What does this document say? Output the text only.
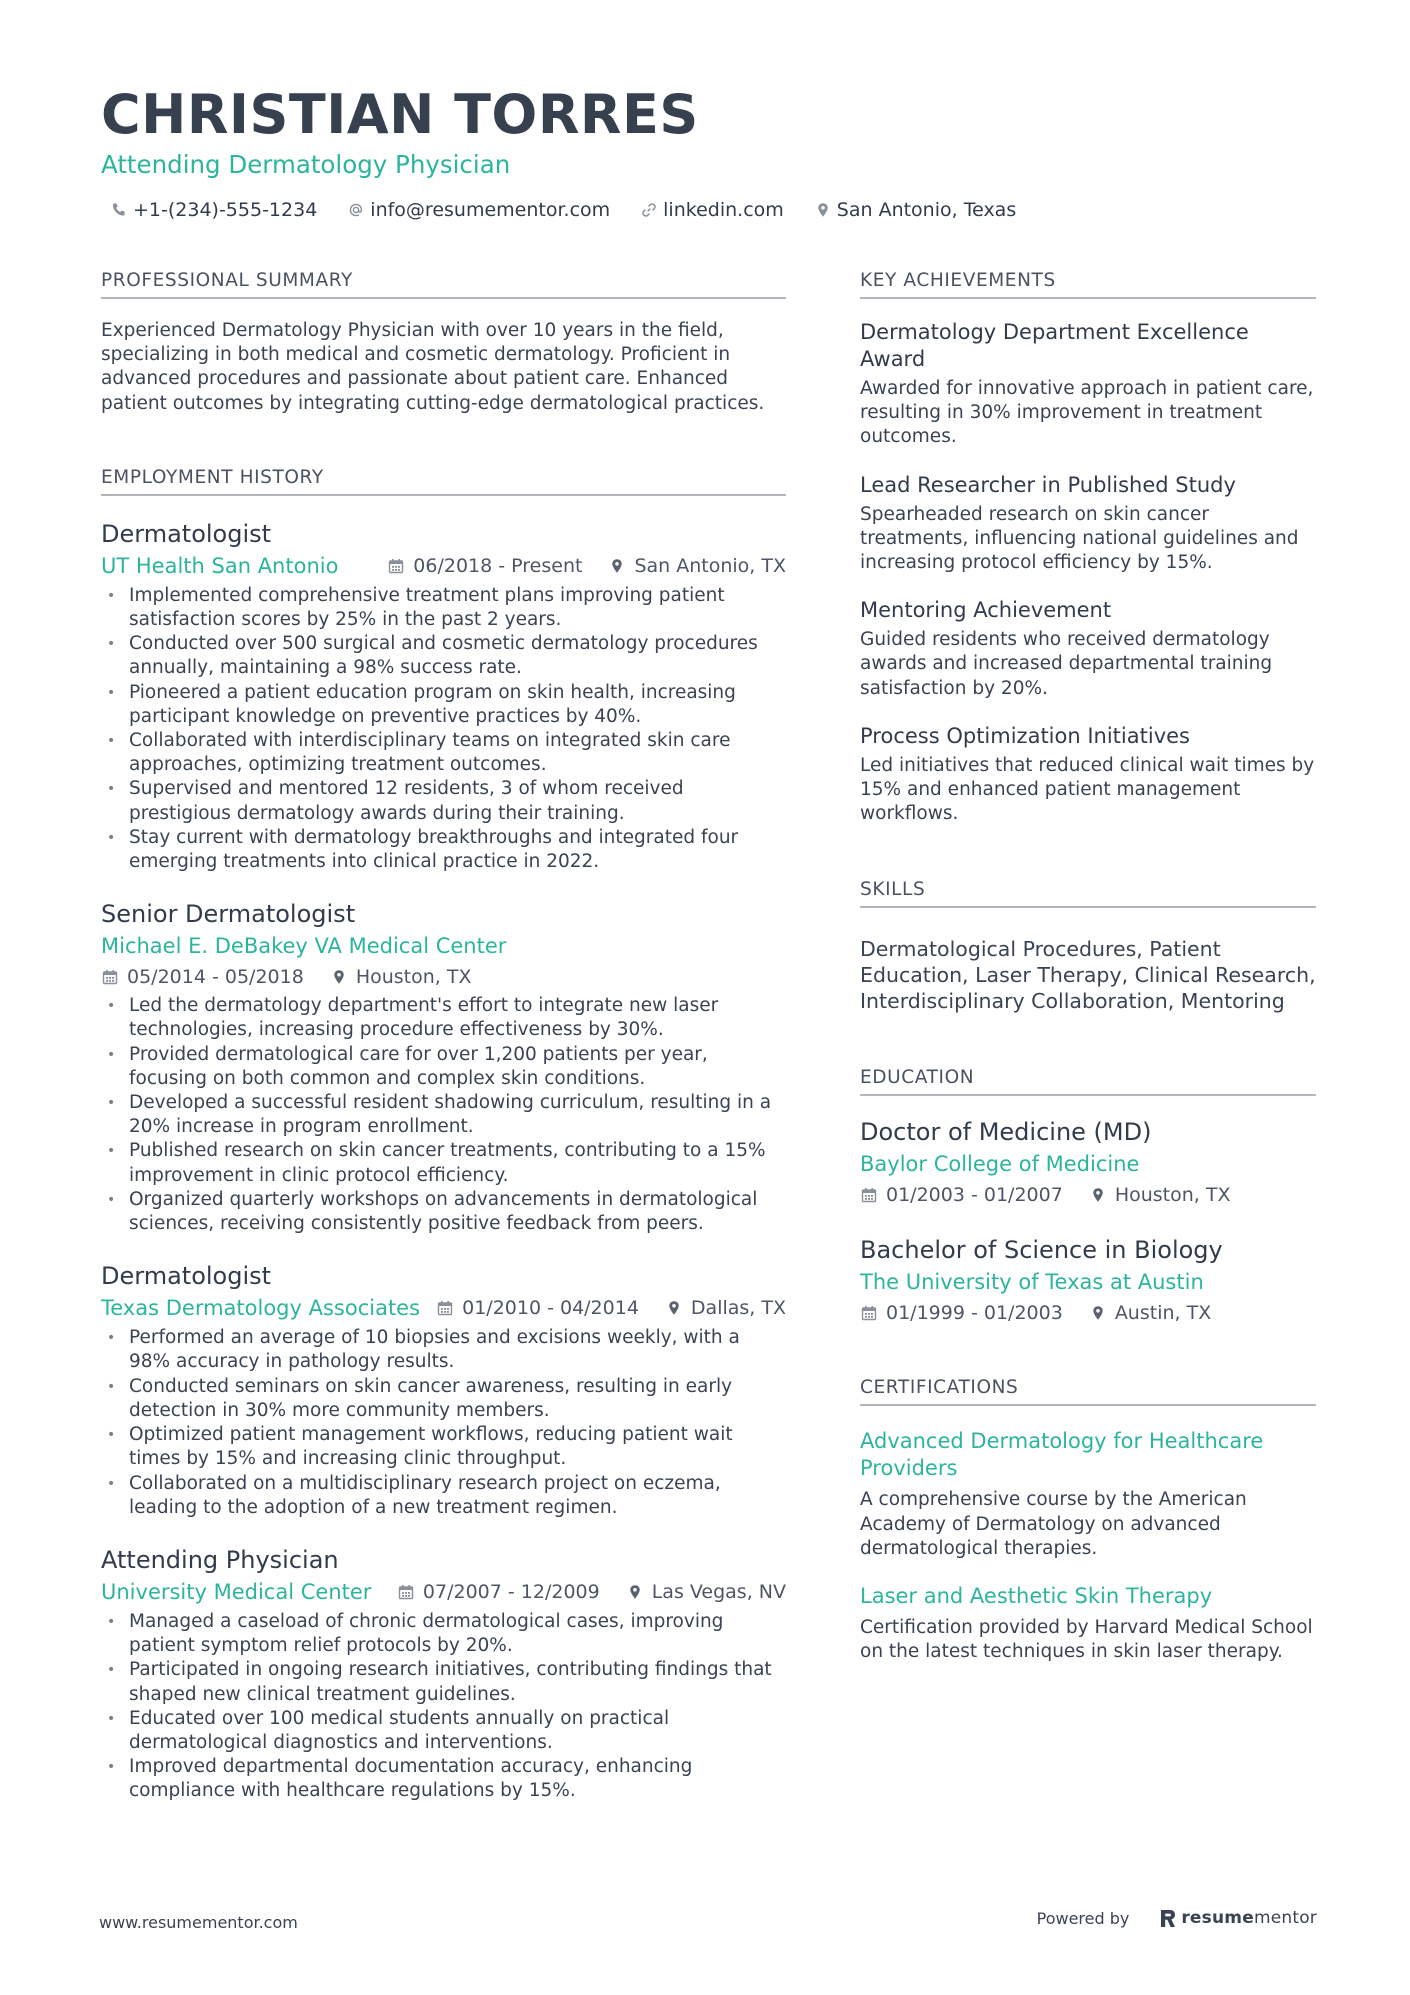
CHRISTIAN TORRES
Attending Dermatology Physician
+1-(234)-555-1234	info@resumementor.com	linkedin.com	San Antonio, Texas
PROFESSIONAL SUMMARY
Experienced Dermatology Physician with over 10 years in the field, specializing in both medical and cosmetic dermatology. Proficient in advanced procedures and passionate about patient care. Enhanced patient outcomes by integrating cutting-edge dermatological practices.
EMPLOYMENT HISTORY
Dermatologist
UT Health San Antonio	06/2018 - Present	San Antonio, TX
• Implemented comprehensive treatment plans improving patient satisfaction scores by 25% in the past 2 years.
• Conducted over 500 surgical and cosmetic dermatology procedures annually, maintaining a 98% success rate.
• Pioneered a patient education program on skin health, increasing participant knowledge on preventive practices by 40%.
• Collaborated with interdisciplinary teams on integrated skin care approaches, optimizing treatment outcomes.
• Supervised and mentored 12 residents, 3 of whom received prestigious dermatology awards during their training.
• Stay current with dermatology breakthroughs and integrated four emerging treatments into clinical practice in 2022.
Senior Dermatologist
Michael E. DeBakey VA Medical Center
05/2014 - 05/2018	Houston, TX
• Led the dermatology department's effort to integrate new laser technologies, increasing procedure effectiveness by 30%.
• Provided dermatological care for over 1,200 patients per year, focusing on both common and complex skin conditions.
• Developed a successful resident shadowing curriculum, resulting in a 20% increase in program enrollment.
• Published research on skin cancer treatments, contributing to a 15% improvement in clinic protocol efficiency.
• Organized quarterly workshops on advancements in dermatological sciences, receiving consistently positive feedback from peers.
Dermatologist
Texas Dermatology Associates 01/2010 - 04/2014	Dallas, TX
• Performed an average of 10 biopsies and excisions weekly, with a 98% accuracy in pathology results.
• Conducted seminars on skin cancer awareness, resulting in early detection in 30% more community members.
• Optimized patient management workflows, reducing patient wait times by 15% and increasing clinic throughput.
• Collaborated on a multidisciplinary research project on eczema, leading to the adoption of a new treatment regimen.
Attending Physician
University Medical Center	07/2007 - 12/2009	Las Vegas, NV
• Managed a caseload of chronic dermatological cases, improving patient symptom relief protocols by 20%.
• Participated in ongoing research initiatives, contributing findings that shaped new clinical treatment guidelines.
• Educated over 100 medical students annually on practical dermatological diagnostics and interventions.
• Improved departmental documentation accuracy, enhancing compliance with healthcare regulations by 15%.
KEY ACHIEVEMENTS
Dermatology Department Excellence Award
Awarded for innovative approach in patient care, resulting in 30% improvement in treatment outcomes.
Lead Researcher in Published Study
Spearheaded research on skin cancer treatments, influencing national guidelines and increasing protocol efficiency by 15%.
Mentoring Achievement
Guided residents who received dermatology awards and increased departmental training satisfaction by 20%.
Process Optimization Initiatives
Led initiatives that reduced clinical wait times by 15% and enhanced patient management workflows.
SKILLS
Dermatological Procedures, Patient Education, Laser Therapy, Clinical Research, Interdisciplinary Collaboration, Mentoring
EDUCATION
Doctor of Medicine (MD)
Baylor College of Medicine
01/2003 - 01/2007	Houston, TX
Bachelor of Science in Biology
The University of Texas at Austin
01/1999 - 01/2003	Austin, TX
CERTIFICATIONS
Advanced Dermatology for Healthcare Providers
A comprehensive course by the American Academy of Dermatology on advanced dermatological therapies.
Laser and Aesthetic Skin Therapy
Certification provided by Harvard Medical School on the latest techniques in skin laser therapy.
www.resumementor.com	Powered by	resumementor
